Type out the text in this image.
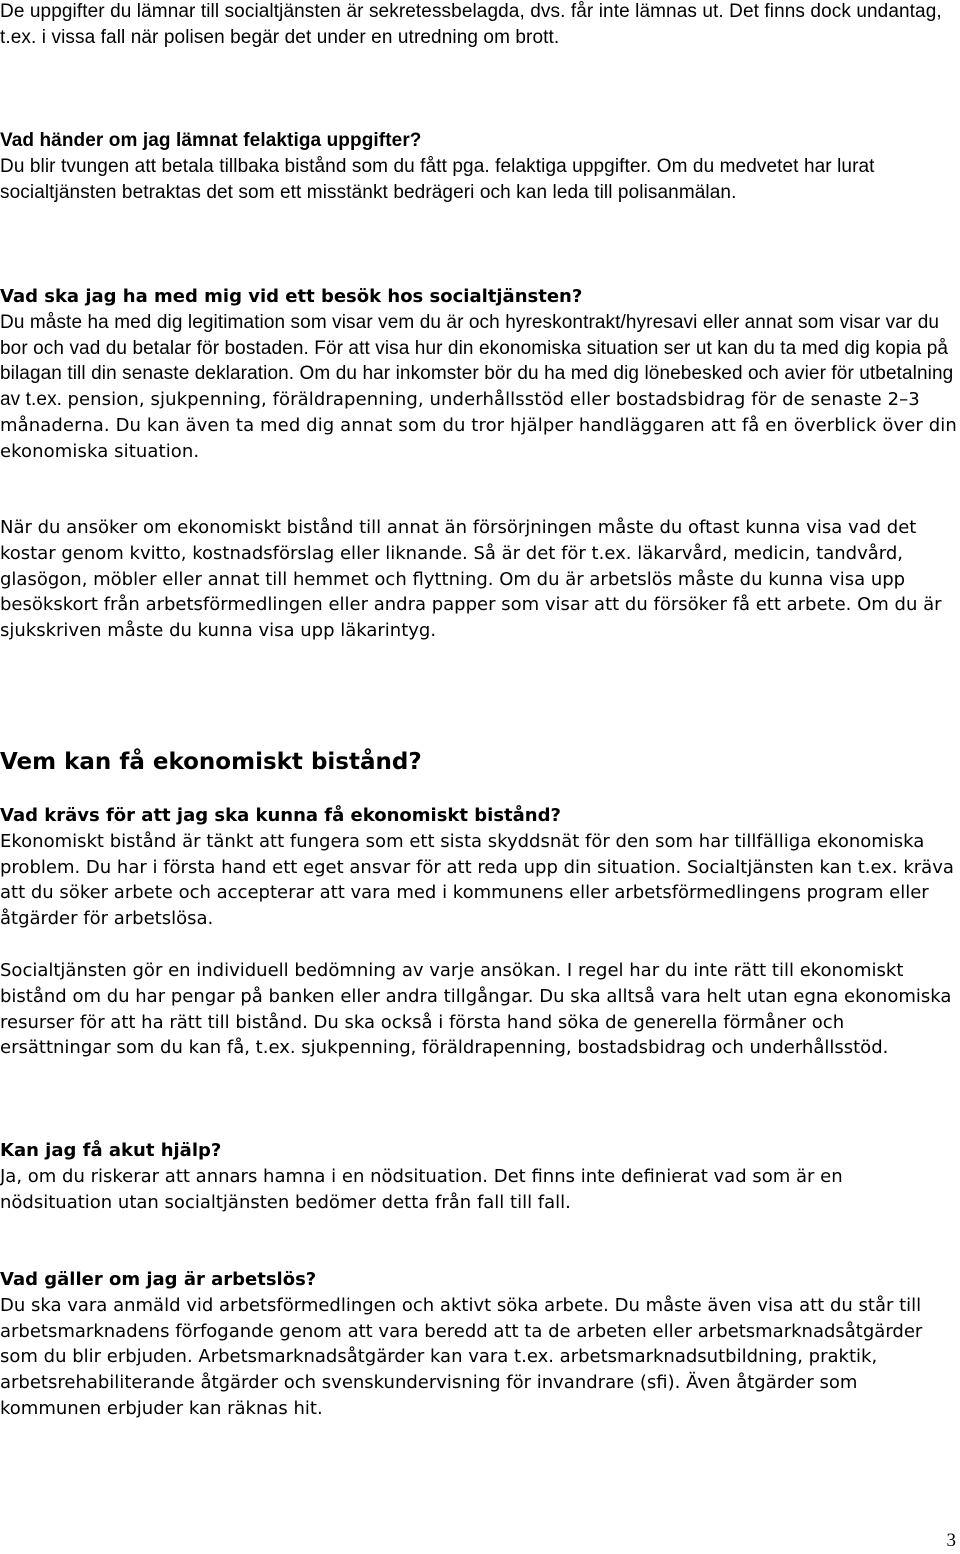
De uppgifter du lämnar till socialtjänsten är sekretessbelagda, dvs. får inte lämnas ut. Det finns dock undantag, t.ex. i vissa fall när polisen begär det under en utredning om brott.

Vad händer om jag lämnat felaktiga uppgifter?

Du blir tvungen att betala tillbaka bistånd som du fått pga. felaktiga uppgifter. Om du medvetet har lurat socialtjänsten betraktas det som ett misstänkt bedrägeri och kan leda till polisanmälan.

Vad ska jag ha med mig vid ett besök hos socialtjänsten?

Du måste ha med dig legitimation som visar vem du är och hyreskontrakt/hyresavi eller annat som visar var du bor och vad du betalar för bostaden. För att visa hur din ekonomiska situation ser ut kan du ta med dig kopia på bilagan till din senaste deklaration. Om du har inkomster bör du ha med dig lönebesked och avier för utbetalning av t.ex. pension, sjukpenning, föräldrapenning, underhållsstöd eller bostadsbidrag för de senaste 2–3 månaderna. Du kan även ta med dig annat som du tror hjälper handläggaren att få en överblick över din ekonomiska situation.

När du ansöker om ekonomiskt bistånd till annat än försörjningen måste du oftast kunna visa vad det kostar genom kvitto, kostnadsförslag eller liknande. Så är det för t.ex. läkarvård, medicin, tandvård, glasögon, möbler eller annat till hemmet och flyttning. Om du är arbetslös måste du kunna visa upp besökskort från arbetsförmedlingen eller andra papper som visar att du försöker få ett arbete. Om du är sjukskriven måste du kunna visa upp läkarintyg.

Vem kan få ekonomiskt bistånd?

Vad krävs för att jag ska kunna få ekonomiskt bistånd?

Ekonomiskt bistånd är tänkt att fungera som ett sista skyddsnät för den som har tillfälliga ekonomiska problem. Du har i första hand ett eget ansvar för att reda upp din situation. Socialtjänsten kan t.ex. kräva att du söker arbete och accepterar att vara med i kommunens eller arbetsförmedlingens program eller åtgärder för arbetslösa.

Socialtjänsten gör en individuell bedömning av varje ansökan. I regel har du inte rätt till ekonomiskt bistånd om du har pengar på banken eller andra tillgångar. Du ska alltså vara helt utan egna ekonomiska resurser för att ha rätt till bistånd. Du ska också i första hand söka de generella förmåner och ersättningar som du kan få, t.ex. sjukpenning, föräldrapenning, bostadsbidrag och underhållsstöd.

Kan jag få akut hjälp?

Ja, om du riskerar att annars hamna i en nödsituation. Det finns inte definierat vad som är en nödsituation utan socialtjänsten bedömer detta från fall till fall.

Vad gäller om jag är arbetslös?

Du ska vara anmäld vid arbetsförmedlingen och aktivt söka arbete. Du måste även visa att du står till arbetsmarknadens förfogande genom att vara beredd att ta de arbeten eller arbetsmarknadsåtgärder som du blir erbjuden. Arbetsmarknadsåtgärder kan vara t.ex. arbetsmarknadsutbildning, praktik, arbetsrehabiliterande åtgärder och svenskundervisning för invandrare (sfi). Även åtgärder som kommunen erbjuder kan räknas hit.

3
